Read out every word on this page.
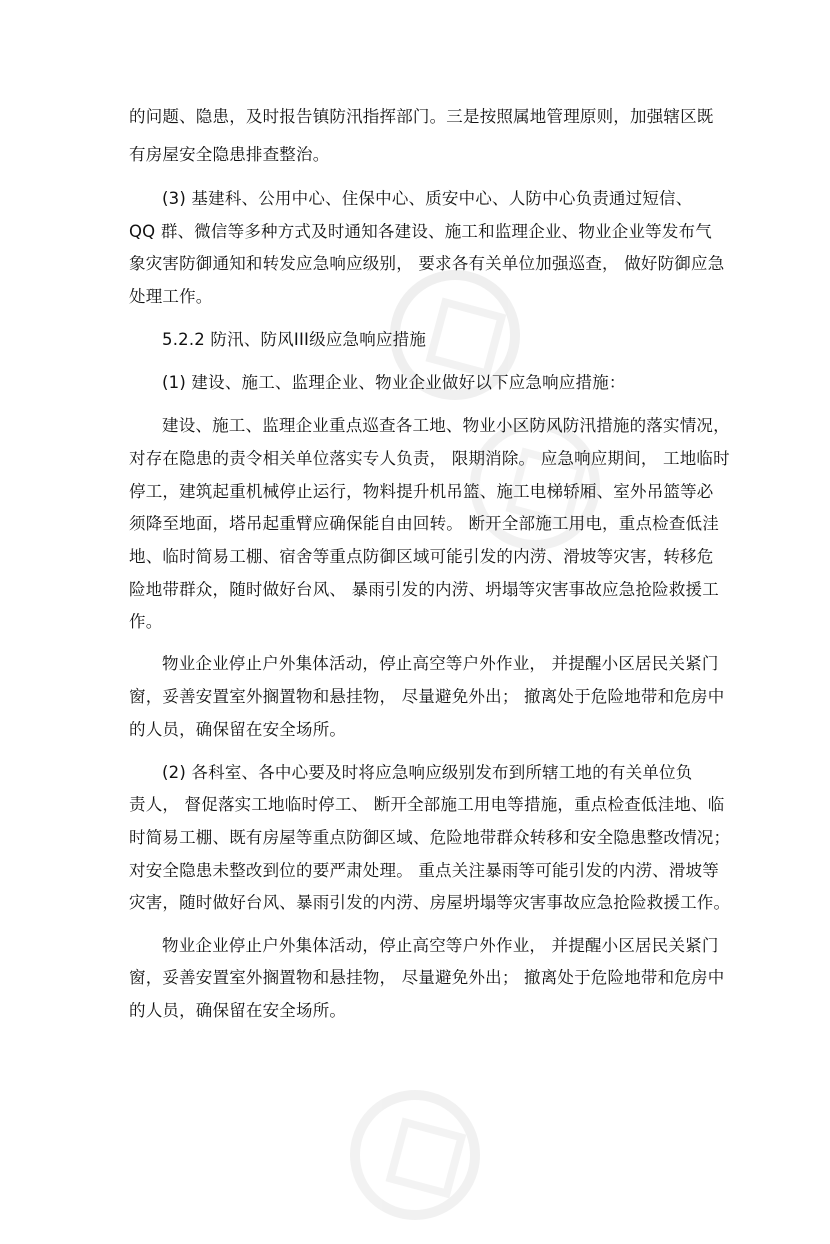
的问题、隐患，及时报告镇防汛指挥部门。三是按照属地管理原则，加强辖区既
有房屋安全隐患排查整治。
(3) 基建科、公用中心、住保中心、质安中心、人防中心负责通过短信、
QQ 群、微信等多种方式及时通知各建设、施工和监理企业、物业企业等发布气
象灾害防御通知和转发应急响应级别， 要求各有关单位加强巡查， 做好防御应急
处理工作。
5.2.2 防汛、防风III级应急响应措施
(1) 建设、施工、监理企业、物业企业做好以下应急响应措施：
建设、施工、监理企业重点巡查各工地、物业小区防风防汛措施的落实情况，
对存在隐患的责令相关单位落实专人负责， 限期消除。 应急响应期间， 工地临时
停工，建筑起重机械停止运行，物料提升机吊篮、施工电梯轿厢、室外吊篮等必
须降至地面，塔吊起重臂应确保能自由回转。 断开全部施工用电，重点检查低洼
地、临时简易工棚、宿舍等重点防御区域可能引发的内涝、滑坡等灾害，转移危
险地带群众，随时做好台风、 暴雨引发的内涝、坍塌等灾害事故应急抢险救援工
作。
物业企业停止户外集体活动，停止高空等户外作业， 并提醒小区居民关紧门
窗，妥善安置室外搁置物和悬挂物， 尽量避免外出； 撤离处于危险地带和危房中
的人员，确保留在安全场所。
(2) 各科室、各中心要及时将应急响应级别发布到所辖工地的有关单位负
责人， 督促落实工地临时停工、 断开全部施工用电等措施，重点检查低洼地、临
时简易工棚、既有房屋等重点防御区域、危险地带群众转移和安全隐患整改情况；
对安全隐患未整改到位的要严肃处理。 重点关注暴雨等可能引发的内涝、滑坡等
灾害，随时做好台风、暴雨引发的内涝、房屋坍塌等灾害事故应急抢险救援工作。
物业企业停止户外集体活动，停止高空等户外作业， 并提醒小区居民关紧门
窗，妥善安置室外搁置物和悬挂物， 尽量避免外出； 撤离处于危险地带和危房中
的人员，确保留在安全场所。
